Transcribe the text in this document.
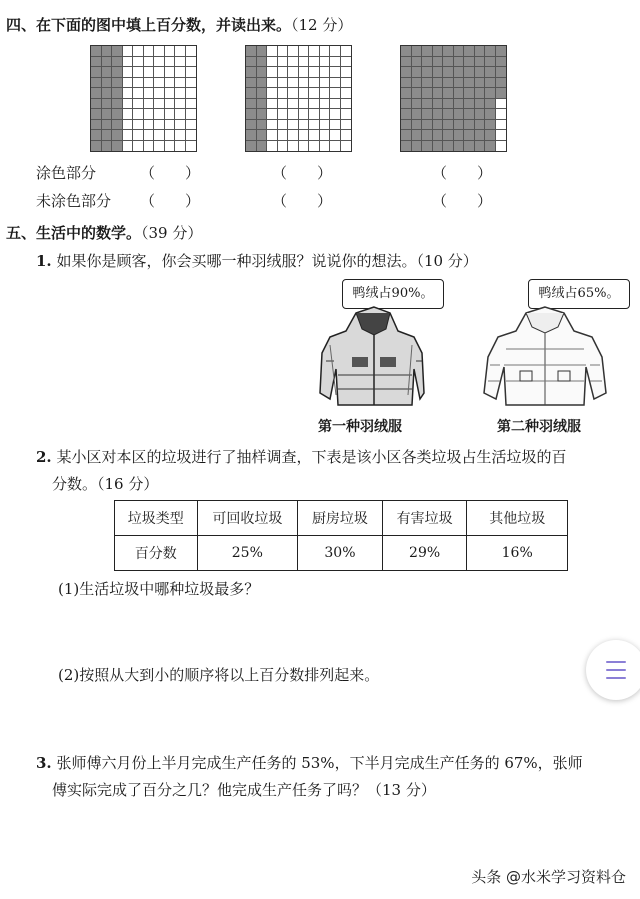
四、在下面的图中填上百分数，并读出来。（12 分）
涂色部分	（　　）	（　　）	（　　）
未涂色部分 （　　）	（　　）	（　　）
五、生活中的数学。（39 分）
1. 如果你是顾客，你会买哪一种羽绒服？说说你的想法。（10 分）
鸭绒占90%。	鸭绒占65%。
第一种羽绒服	第二种羽绒服
2. 某小区对本区的垃圾进行了抽样调查，下表是该小区各类垃圾占生活垃圾的百
分数。（16 分）
垃圾类型	可回收垃圾	厨房垃圾	有害垃圾	其他垃圾
百分数	25%	30%	29%	16%
(1)生活垃圾中哪种垃圾最多？
(2)按照从大到小的顺序将以上百分数排列起来。
3. 张师傅六月份上半月完成生产任务的 53%，下半月完成生产任务的 67%，张师
傅实际完成了百分之几？他完成生产任务了吗？（13 分）
头条 @水米学习资料仓
